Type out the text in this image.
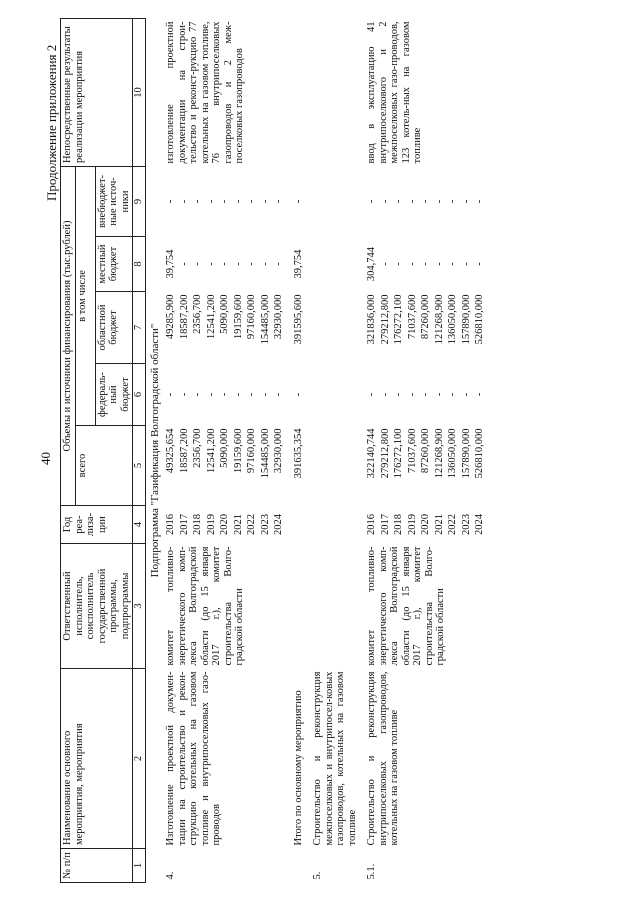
40
Продолжение приложения 2
№ п/п	Наименование основного мероприятия, мероприятия	Ответственный исполнитель, соисполнитель государственной программы, подпрограммы	Год реа-лиза-ции	Объемы и источники финансирования (тыс.рублей)					Непосредственные результаты реализации мероприятия
				всего	в том числе				
					федераль-ный бюджет	областной бюджет	местный бюджет	внебюджет-ные источ-ники	
1	2	3	4	5	6	7	8	9	10
Подпрограмма "Газификация Волгоградской области"									
4.	Изготовление проектной докумен-тации на строительство и рекон-струкцию котельных на газовом топливе и внутрипоселковых газо-проводов	комитет топливно-энергетического комп-лекса Волгоградской области (до 15 января 2017 г.), комитет строительства Волго-градской области	2016	49325,654	-	49285,900	39,754	-	изготовление проектной документации на строи-тельство и реконст-рукцию 77 котельных на газовом топливе, 76 внутрипоселковых газопроводов и 2 меж-поселковых газопроводов
			2017	18587,200	-	18587,200	-	-	
			2018	2356,700	-	2356,700	-	-	
			2019	12541,200	-	12541,200	-	-	
			2020	5090,000	-	5090,000	-	-	
			2021	19159,600	-	19159,600	-	-	
			2022	97160,000	-	97160,000	-	-	
			2023	154485,000	-	154485,000	-	-	
			2024	32930,000	-	32930,000	-	-	

	Итого по основному мероприятию			391635,354	-	391595,600	39,754	-	

5.	Строительство и реконструкция межпоселковых и внутрипосел-ковых газопроводов, котельных на газовом топливе								

5.1.	Строительство и реконструкция внутрипоселковых газопроводов, котельных на газовом топливе	комитет топливно-энергетического комп-лекса Волгоградской области (до 15 января 2017 г.), комитет строительства Волго-градской области	2016	322140,744	-	321836,000	304,744	-	ввод в эксплуатацию 41 внутрипоселкового и 2 межпоселковых газо-проводов, 123 котель-ных на газовом топливе
			2017	279212,800	-	279212,800	-	-	
			2018	176272,100	-	176272,100	-	-	
			2019	71037,600	-	71037,600	-	-	
			2020	87260,000	-	87260,000	-	-	
			2021	121268,900	-	121268,900	-	-	
			2022	136050,000	-	136050,000	-	-	
			2023	157890,000	-	157890,000	-	-	
			2024	526810,000	-	526810,000	-	-	
